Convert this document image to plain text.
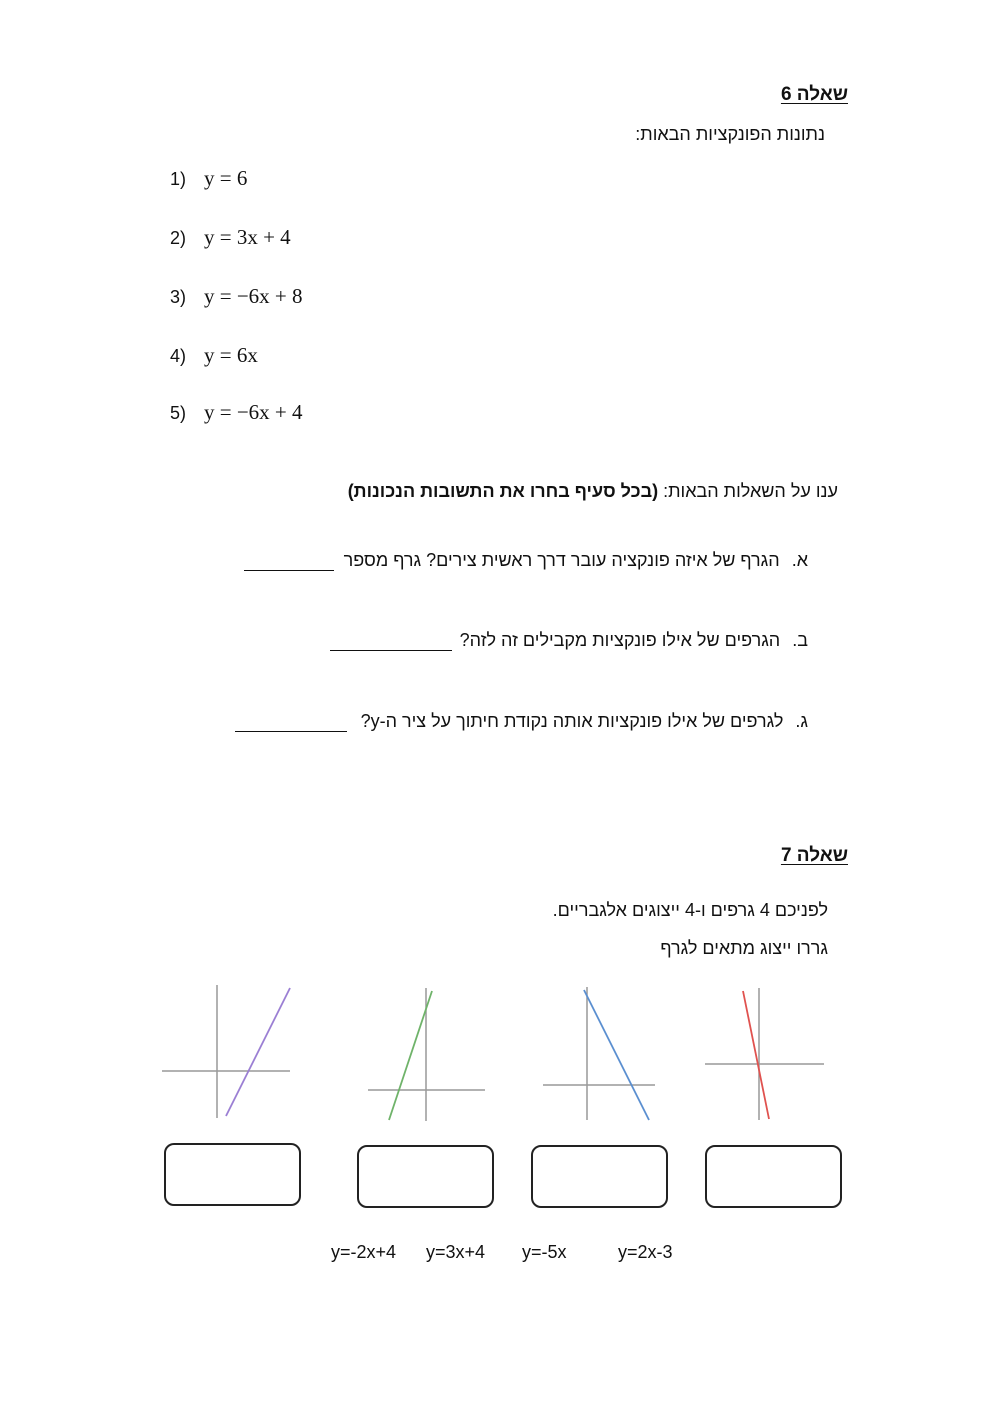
שאלה 6
נתונות הפונקציות הבאות:
1) y = 6
2) y = 3x + 4
3) y = −6x + 8
4) y = 6x
5) y = −6x + 4
ענו על השאלות הבאות: (בכל סעיף בחרו את התשובות הנכונות)
א.
הגרף של איזה פונקציה עובר דרך ראשית צירים? גרף מספר
ב.
הגרפים של אילו פונקציות מקבילים זה לזה?
ג.
לגרפים של אילו פונקציות אותה נקודת חיתוך על ציר ה-y?
שאלה 7
לפניכם 4 גרפים ו-4 ייצוגים אלגבריים.
גררו ייצוג מתאים לגרף
y=-2x+4 y=3x+4 y=-5x	y=2x-3
